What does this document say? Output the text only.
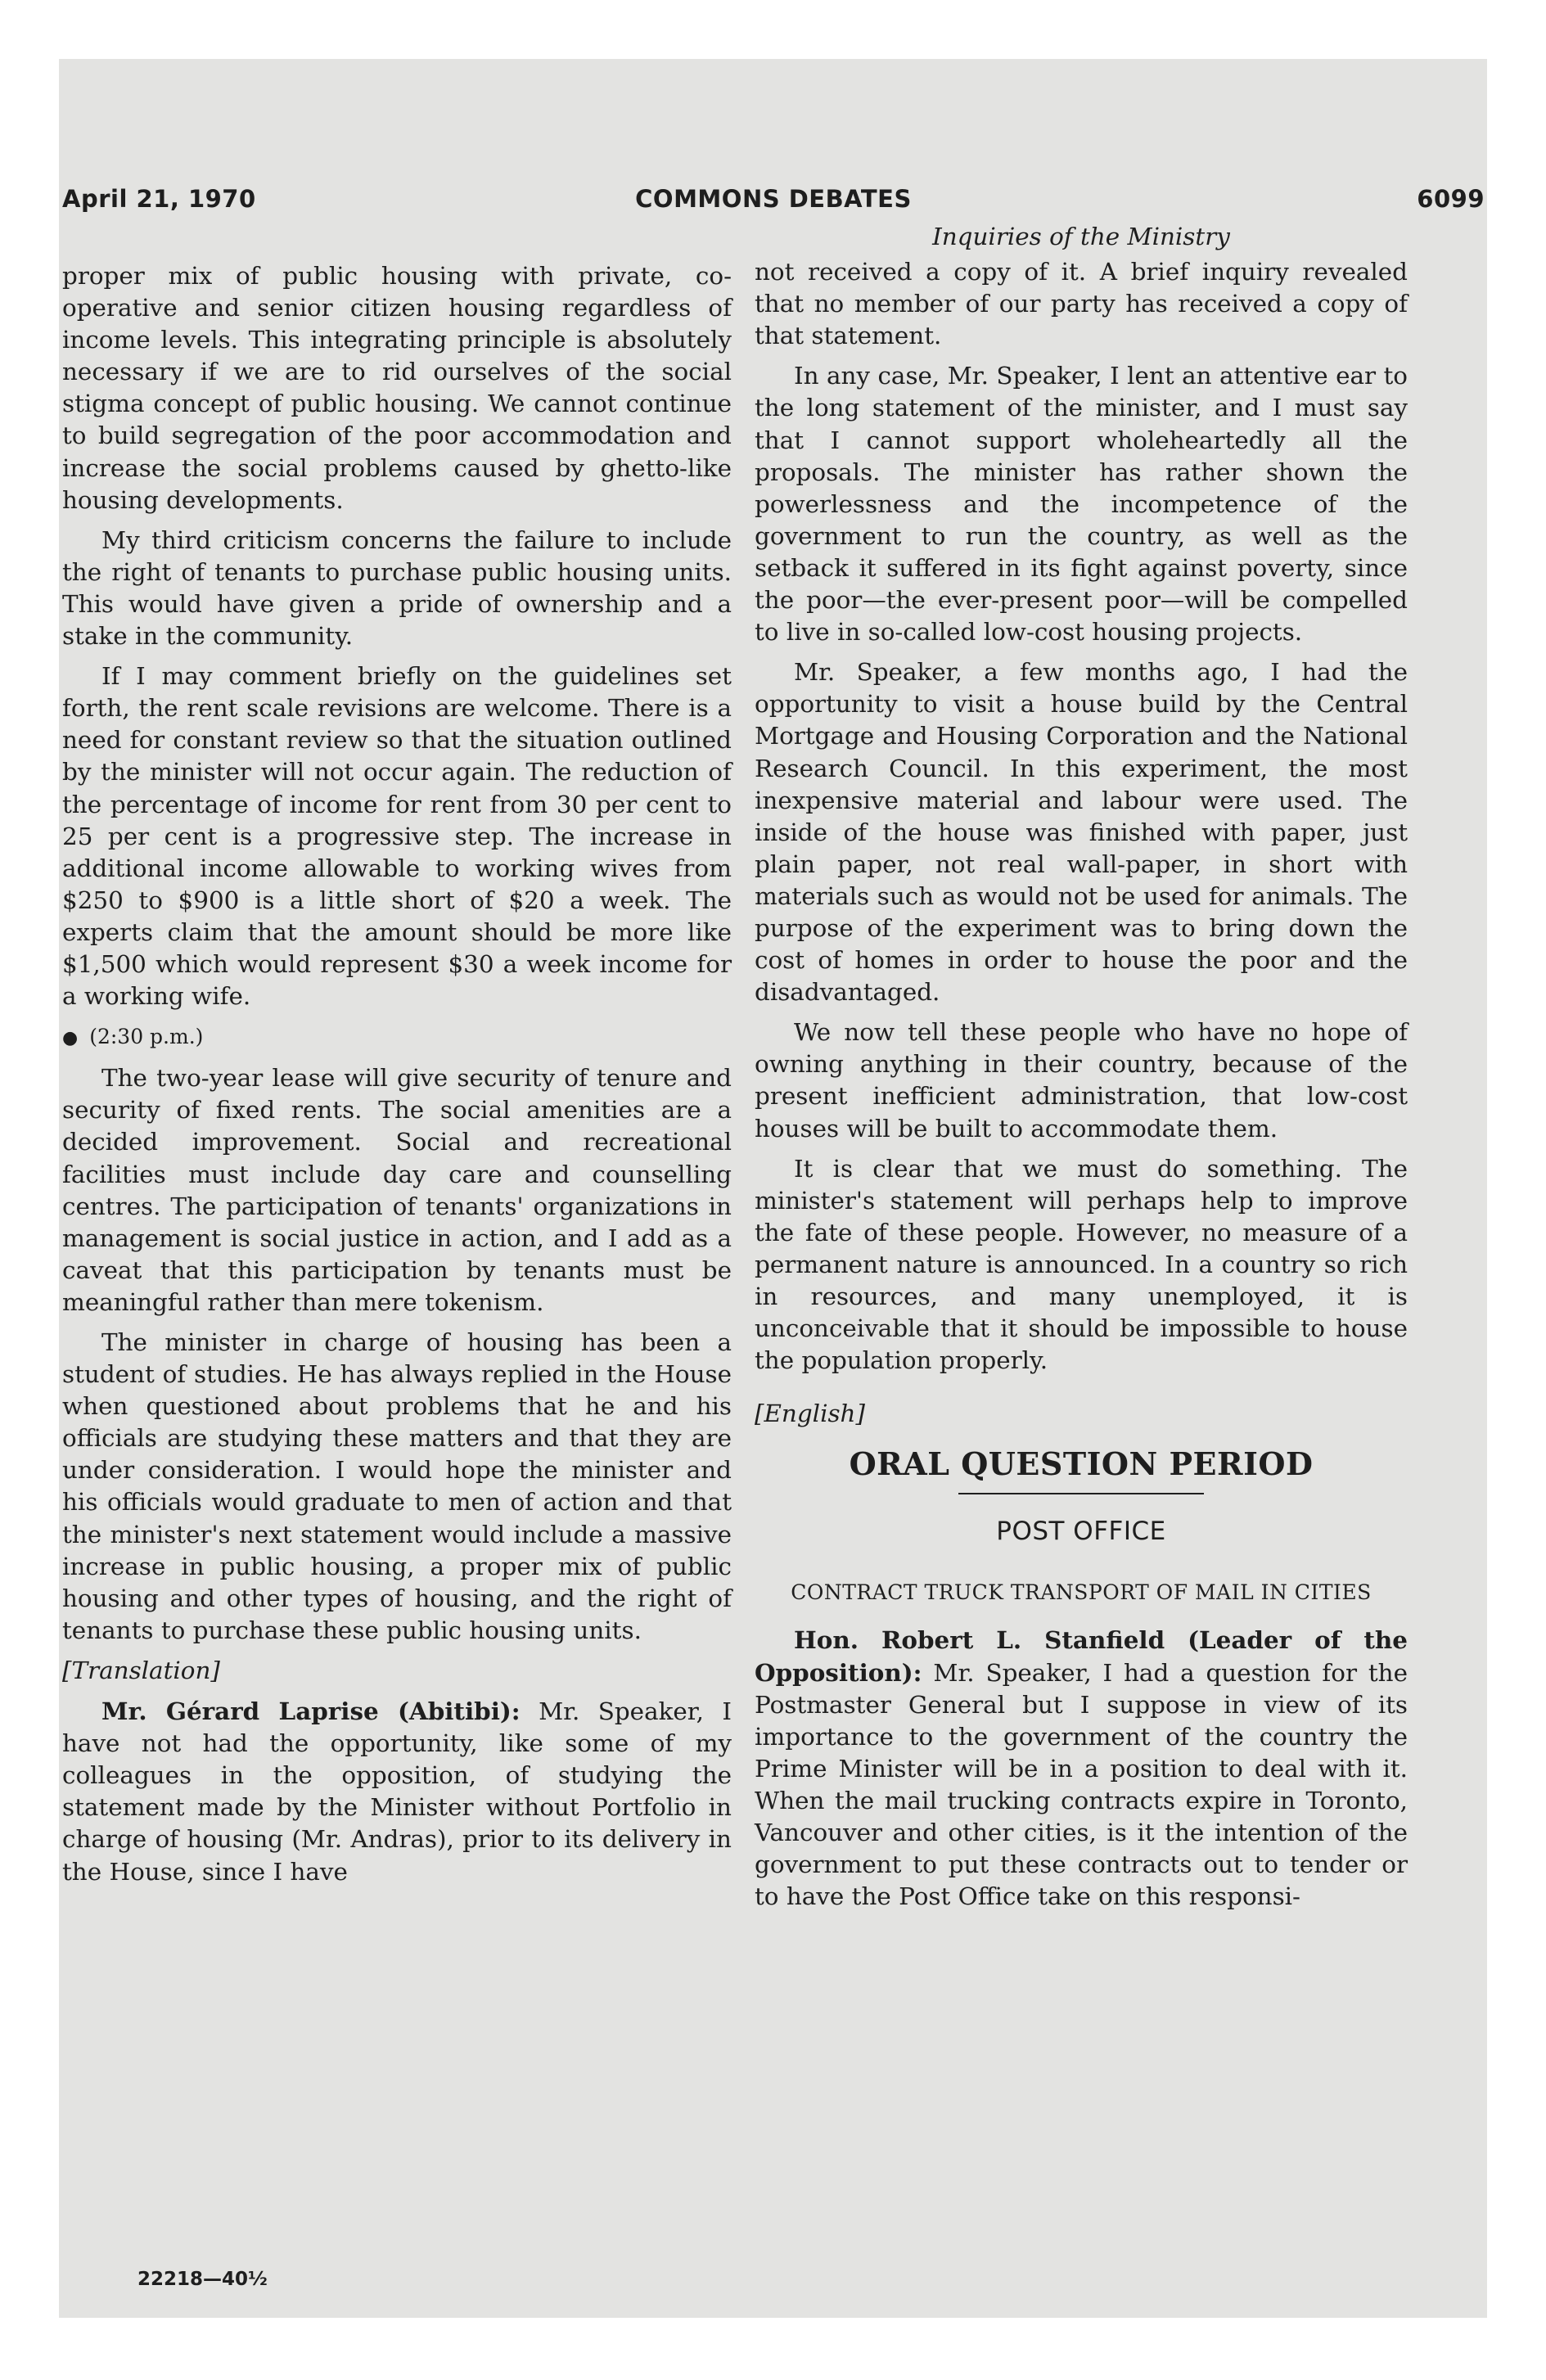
April 21, 1970	COMMONS DEBATES	6099

proper mix of public housing with private, co-operative and senior citizen housing regardless of income levels. This integrating principle is absolutely necessary if we are to rid ourselves of the social stigma concept of public housing. We cannot continue to build segregation of the poor accommodation and increase the social problems caused by ghetto-like housing developments.

My third criticism concerns the failure to include the right of tenants to purchase public housing units. This would have given a pride of ownership and a stake in the community.

If I may comment briefly on the guidelines set forth, the rent scale revisions are welcome. There is a need for constant review so that the situation outlined by the minister will not occur again. The reduction of the percentage of income for rent from 30 per cent to 25 per cent is a progressive step. The increase in additional income allowable to working wives from $250 to $900 is a little short of $20 a week. The experts claim that the amount should be more like $1,500 which would represent $30 a week income for a working wife.

● (2:30 p.m.)

The two-year lease will give security of tenure and security of fixed rents. The social amenities are a decided improvement. Social and recreational facilities must include day care and counselling centres. The participation of tenants' organizations in management is social justice in action, and I add as a caveat that this participation by tenants must be meaningful rather than mere tokenism.

The minister in charge of housing has been a student of studies. He has always replied in the House when questioned about problems that he and his officials are studying these matters and that they are under consideration. I would hope the minister and his officials would graduate to men of action and that the minister's next statement would include a massive increase in public housing, a proper mix of public housing and other types of housing, and the right of tenants to purchase these public housing units.

[Translation]

Mr. Gérard Laprise (Abitibi): Mr. Speaker, I have not had the opportunity, like some of my colleagues in the opposition, of studying the statement made by the Minister without Portfolio in charge of housing (Mr. Andras), prior to its delivery in the House, since I have

Inquiries of the Ministry

not received a copy of it. A brief inquiry revealed that no member of our party has received a copy of that statement.

In any case, Mr. Speaker, I lent an attentive ear to the long statement of the minister, and I must say that I cannot support wholeheartedly all the proposals. The minister has rather shown the powerlessness and the incompetence of the government to run the country, as well as the setback it suffered in its fight against poverty, since the poor—the ever-present poor—will be compelled to live in so-called low-cost housing projects.

Mr. Speaker, a few months ago, I had the opportunity to visit a house build by the Central Mortgage and Housing Corporation and the National Research Council. In this experiment, the most inexpensive material and labour were used. The inside of the house was finished with paper, just plain paper, not real wall-paper, in short with materials such as would not be used for animals. The purpose of the experiment was to bring down the cost of homes in order to house the poor and the disadvantaged.

We now tell these people who have no hope of owning anything in their country, because of the present inefficient administration, that low-cost houses will be built to accommodate them.

It is clear that we must do something. The minister's statement will perhaps help to improve the fate of these people. However, no measure of a permanent nature is announced. In a country so rich in resources, and many unemployed, it is unconceivable that it should be impossible to house the population properly.

[English]

ORAL QUESTION PERIOD
POST OFFICE
CONTRACT TRUCK TRANSPORT OF MAIL IN CITIES

Hon. Robert L. Stanfield (Leader of the Opposition): Mr. Speaker, I had a question for the Postmaster General but I suppose in view of its importance to the government of the country the Prime Minister will be in a position to deal with it. When the mail trucking contracts expire in Toronto, Vancouver and other cities, is it the intention of the government to put these contracts out to tender or to have the Post Office take on this responsi-

22218—40½
